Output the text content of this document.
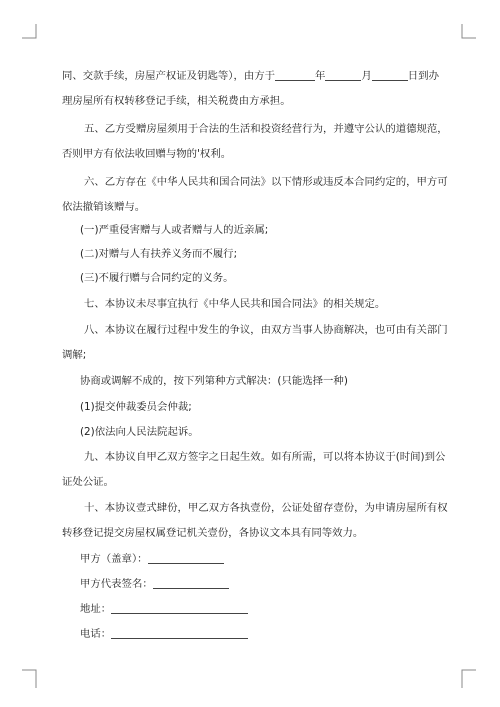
同、交款手续，房屋产权证及钥匙等），由方于	年	月	日到办
理房屋所有权转移登记手续，相关税费由方承担。
五、乙方受赠房屋须用于合法的生活和投资经营行为，并遵守公认的道德规范，
否则甲方有依法收回赠与物的'权利。
六、乙方存在《中华人民共和国合同法》以下情形或违反本合同约定的，甲方可
依法撤销该赠与。
(一)严重侵害赠与人或者赠与人的近亲属;
(二)对赠与人有扶养义务而不履行;
(三)不履行赠与合同约定的义务。
七、本协议未尽事宜执行《中华人民共和国合同法》的相关规定。
八、本协议在履行过程中发生的争议，由双方当事人协商解决，也可由有关部门
调解;
协商或调解不成的，按下列第种方式解决：(只能选择一种)
(1)提交仲裁委员会仲裁;
(2)依法向人民法院起诉。
九、本协议自甲乙双方签字之日起生效。如有所需，可以将本协议于(时间)到公
证处公证。
十、本协议壹式肆份，甲乙双方各执壹份，公证处留存壹份，为申请房屋所有权
转移登记提交房屋权属登记机关壹份，各协议文本具有同等效力。
甲方（盖章）：
甲方代表签名：
地址：
电话：
